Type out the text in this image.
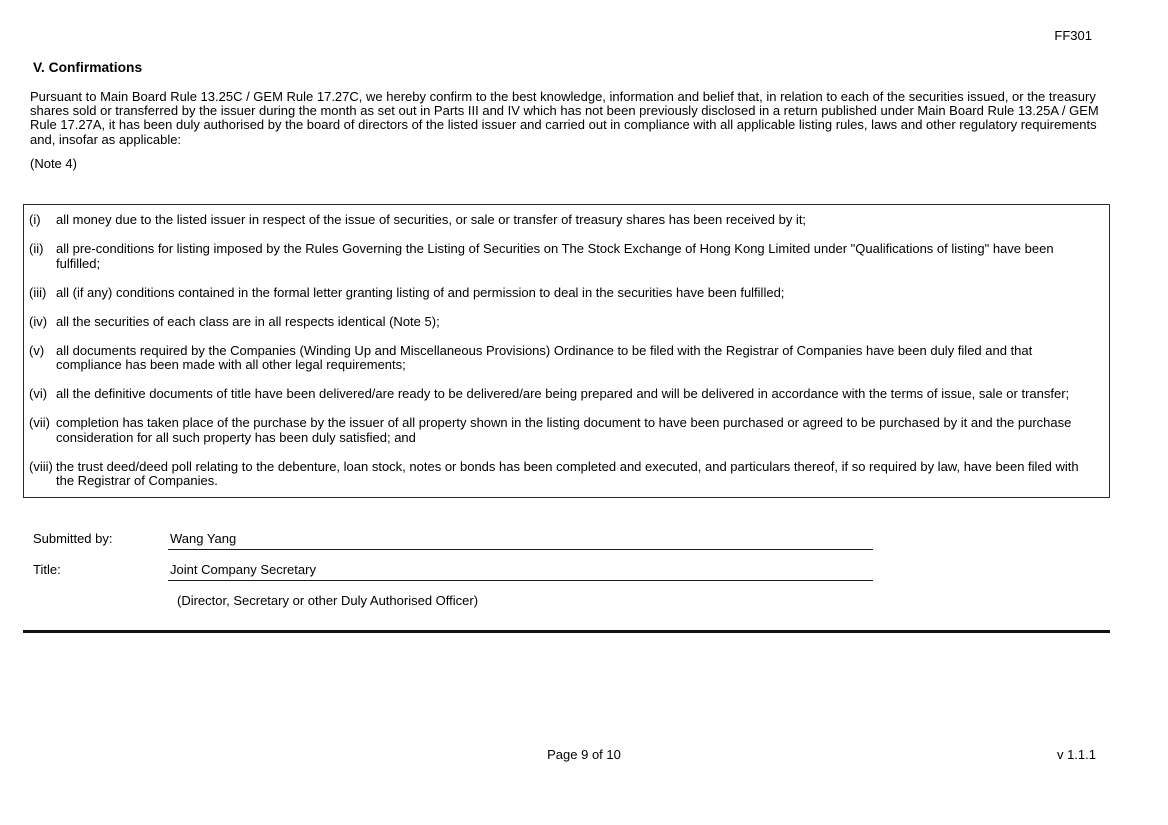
FF301
V. Confirmations

Pursuant to Main Board Rule 13.25C / GEM Rule 17.27C, we hereby confirm to the best knowledge, information and belief that, in relation to each of the securities issued, or the treasury shares sold or transferred by the issuer during the month as set out in Parts III and IV which has not been previously disclosed in a return published under Main Board Rule 13.25A / GEM Rule 17.27A, it has been duly authorised by the board of directors of the listed issuer and carried out in compliance with all applicable listing rules, laws and other regulatory requirements and, insofar as applicable:

(Note 4)

(i)	all money due to the listed issuer in respect of the issue of securities, or sale or transfer of treasury shares has been received by it;
(ii) all pre-conditions for listing imposed by the Rules Governing the Listing of Securities on The Stock Exchange of Hong Kong Limited under "Qualifications of listing" have been fulfilled;
(iii) all (if any) conditions contained in the formal letter granting listing of and permission to deal in the securities have been fulfilled;
(iv) all the securities of each class are in all respects identical (Note 5);
(v) all documents required by the Companies (Winding Up and Miscellaneous Provisions) Ordinance to be filed with the Registrar of Companies have been duly filed and that compliance has been made with all other legal requirements;
(vi) all the definitive documents of title have been delivered/are ready to be delivered/are being prepared and will be delivered in accordance with the terms of issue, sale or transfer;
(vii) completion has taken place of the purchase by the issuer of all property shown in the listing document to have been purchased or agreed to be purchased by it and the purchase consideration for all such property has been duly satisfied; and
(viii) the trust deed/deed poll relating to the debenture, loan stock, notes or bonds has been completed and executed, and particulars thereof, if so required by law, have been filed with the Registrar of Companies.
Submitted by:	Wang Yang
Title:	Joint Company Secretary
(Director, Secretary or other Duly Authorised Officer)
Page 9 of 10	v 1.1.1
